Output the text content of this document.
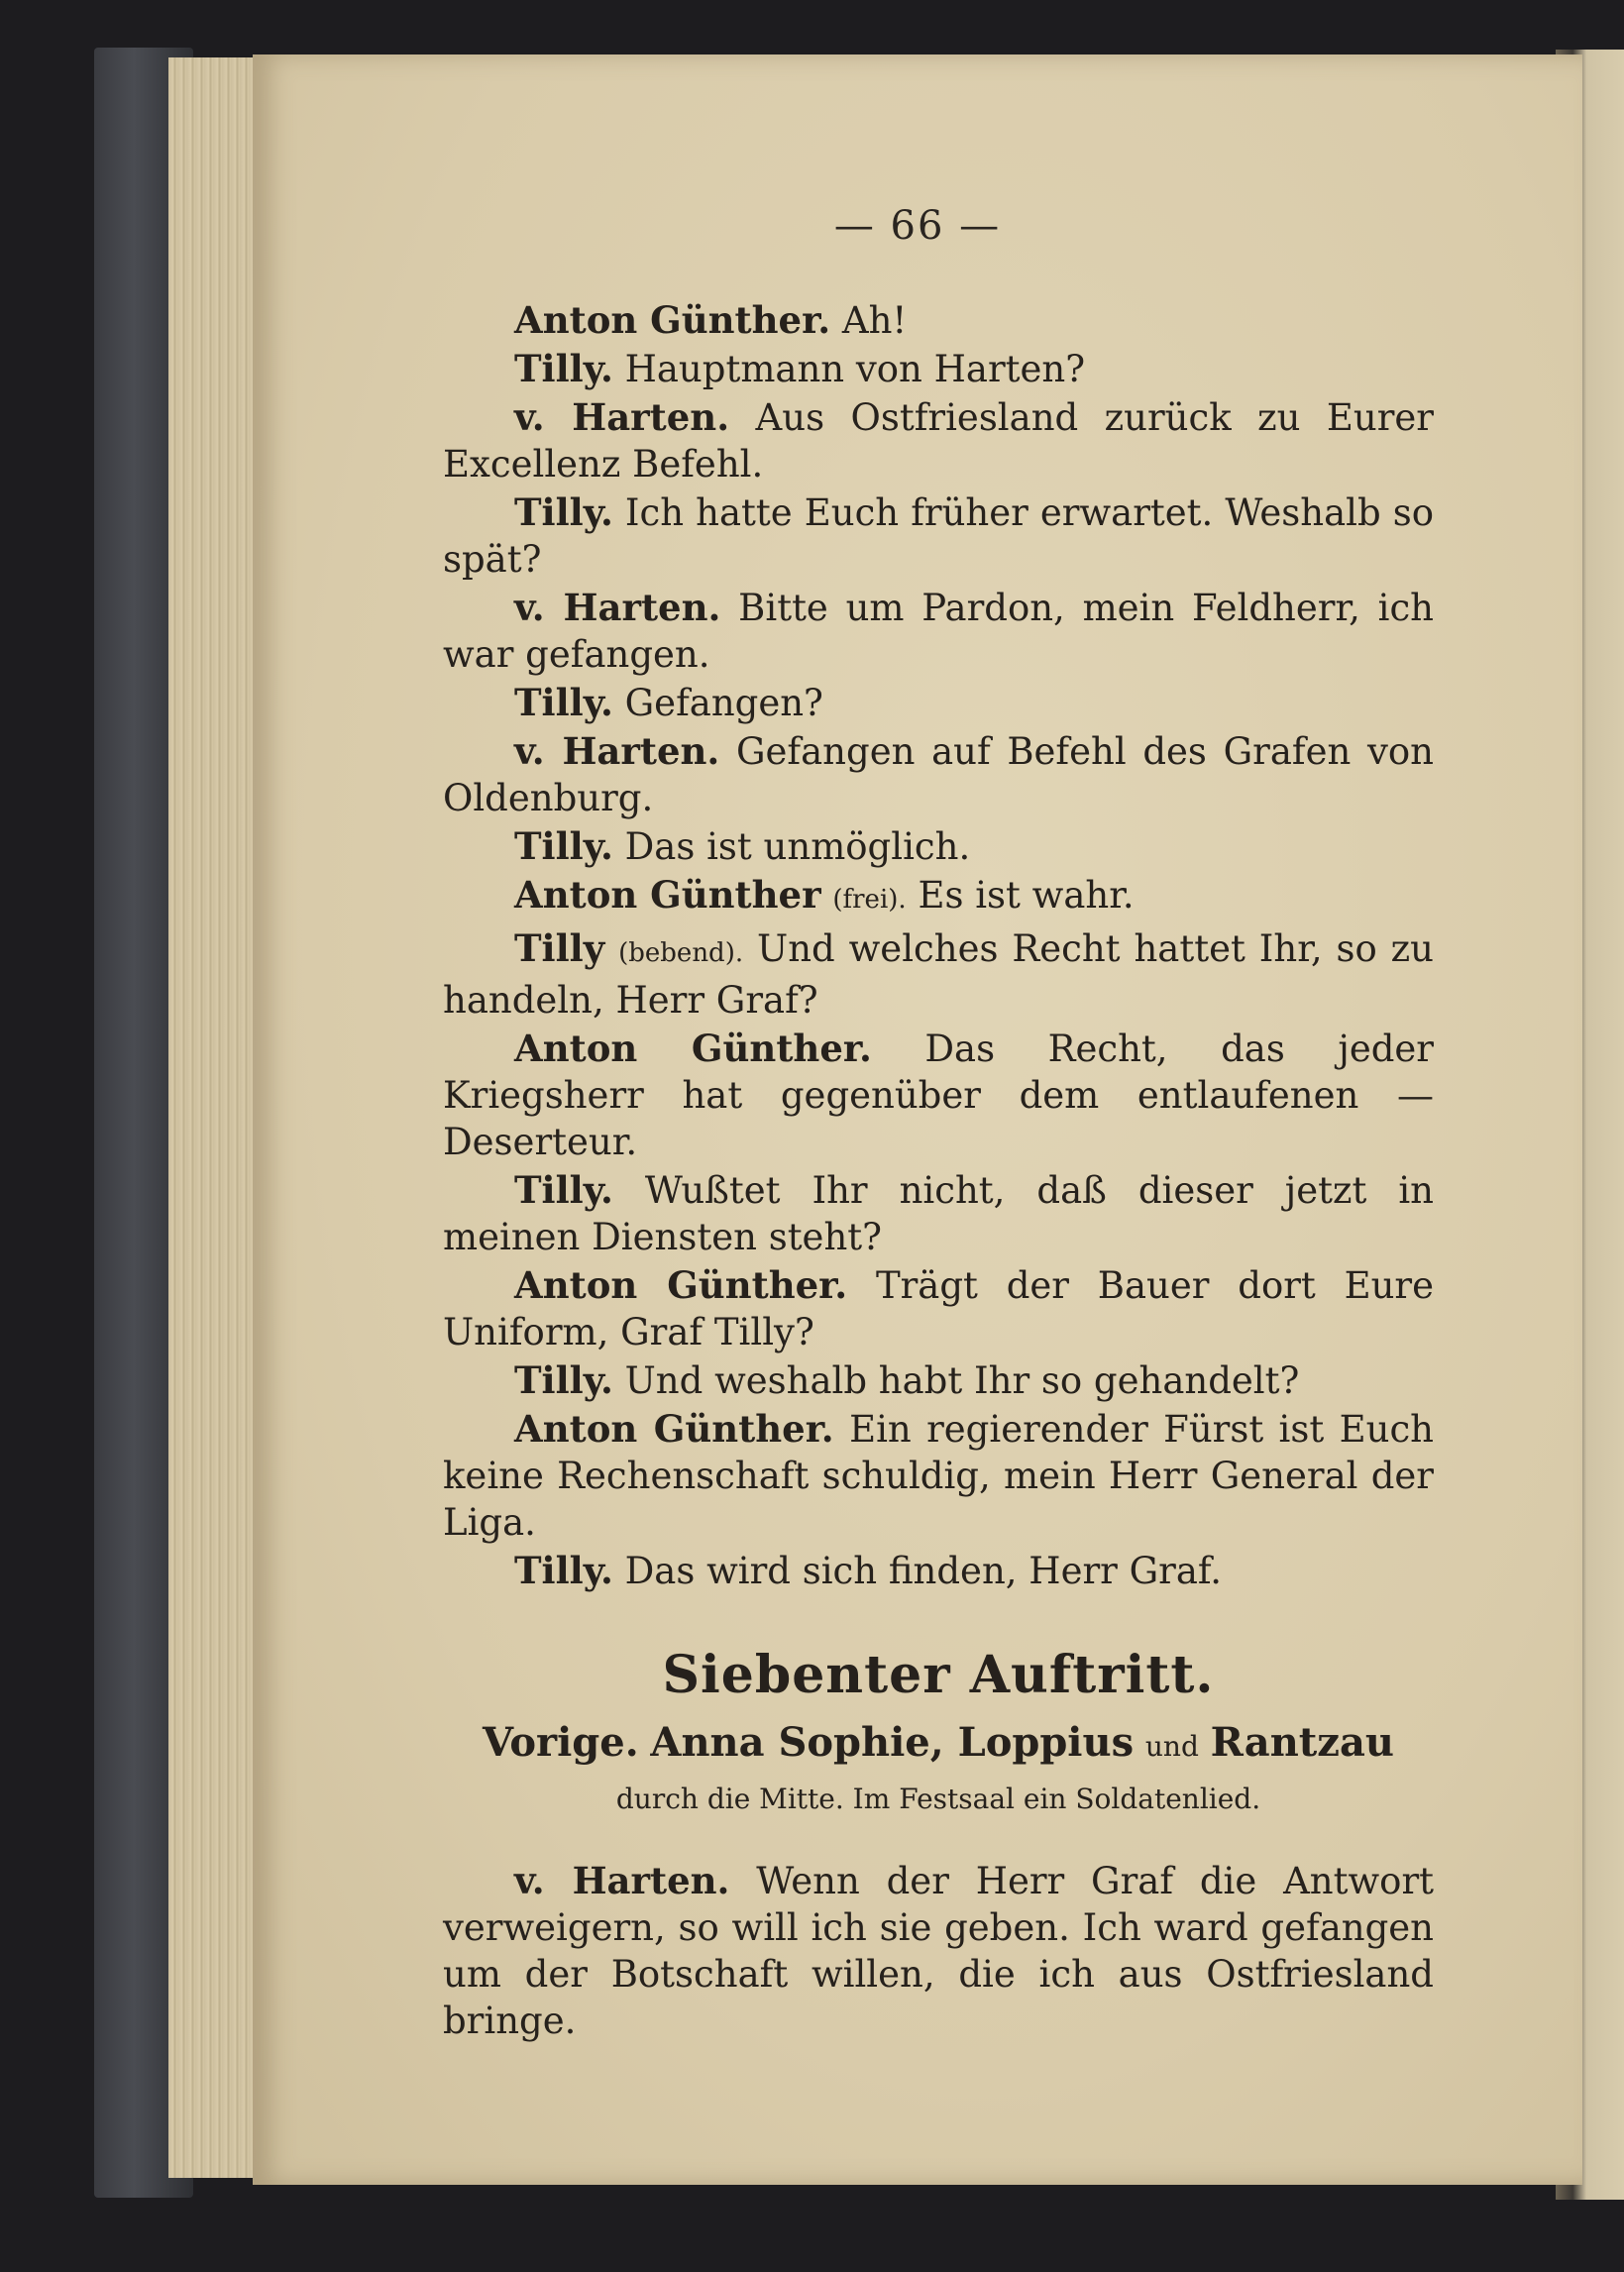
— 66 —

Anton Günther. Ah!

Tilly. Hauptmann von Harten?

v. Harten. Aus Ostfriesland zurück zu Eurer Excellenz Befehl.

Tilly. Ich hatte Euch früher erwartet. Weshalb so spät?

v. Harten. Bitte um Pardon, mein Feldherr, ich war gefangen.

Tilly. Gefangen?

v. Harten. Gefangen auf Befehl des Grafen von Oldenburg.

Tilly. Das ist unmöglich.

Anton Günther (frei). Es ist wahr.

Tilly (bebend). Und welches Recht hattet Ihr, so zu handeln, Herr Graf?

Anton Günther. Das Recht, das jeder Kriegsherr hat gegenüber dem entlaufenen — Deserteur.

Tilly. Wußtet Ihr nicht, daß dieser jetzt in meinen Diensten steht?

Anton Günther. Trägt der Bauer dort Eure Uniform, Graf Tilly?

Tilly. Und weshalb habt Ihr so gehandelt?

Anton Günther. Ein regierender Fürst ist Euch keine Rechenschaft schuldig, mein Herr General der Liga.

Tilly. Das wird sich finden, Herr Graf.

Siebenter Auftritt.
Vorige. Anna Sophie, Loppius und Rantzau durch die Mitte. Im Festsaal ein Soldatenlied.

v. Harten. Wenn der Herr Graf die Antwort verweigern, so will ich sie geben. Ich ward gefangen um der Botschaft willen, die ich aus Ostfriesland bringe.
